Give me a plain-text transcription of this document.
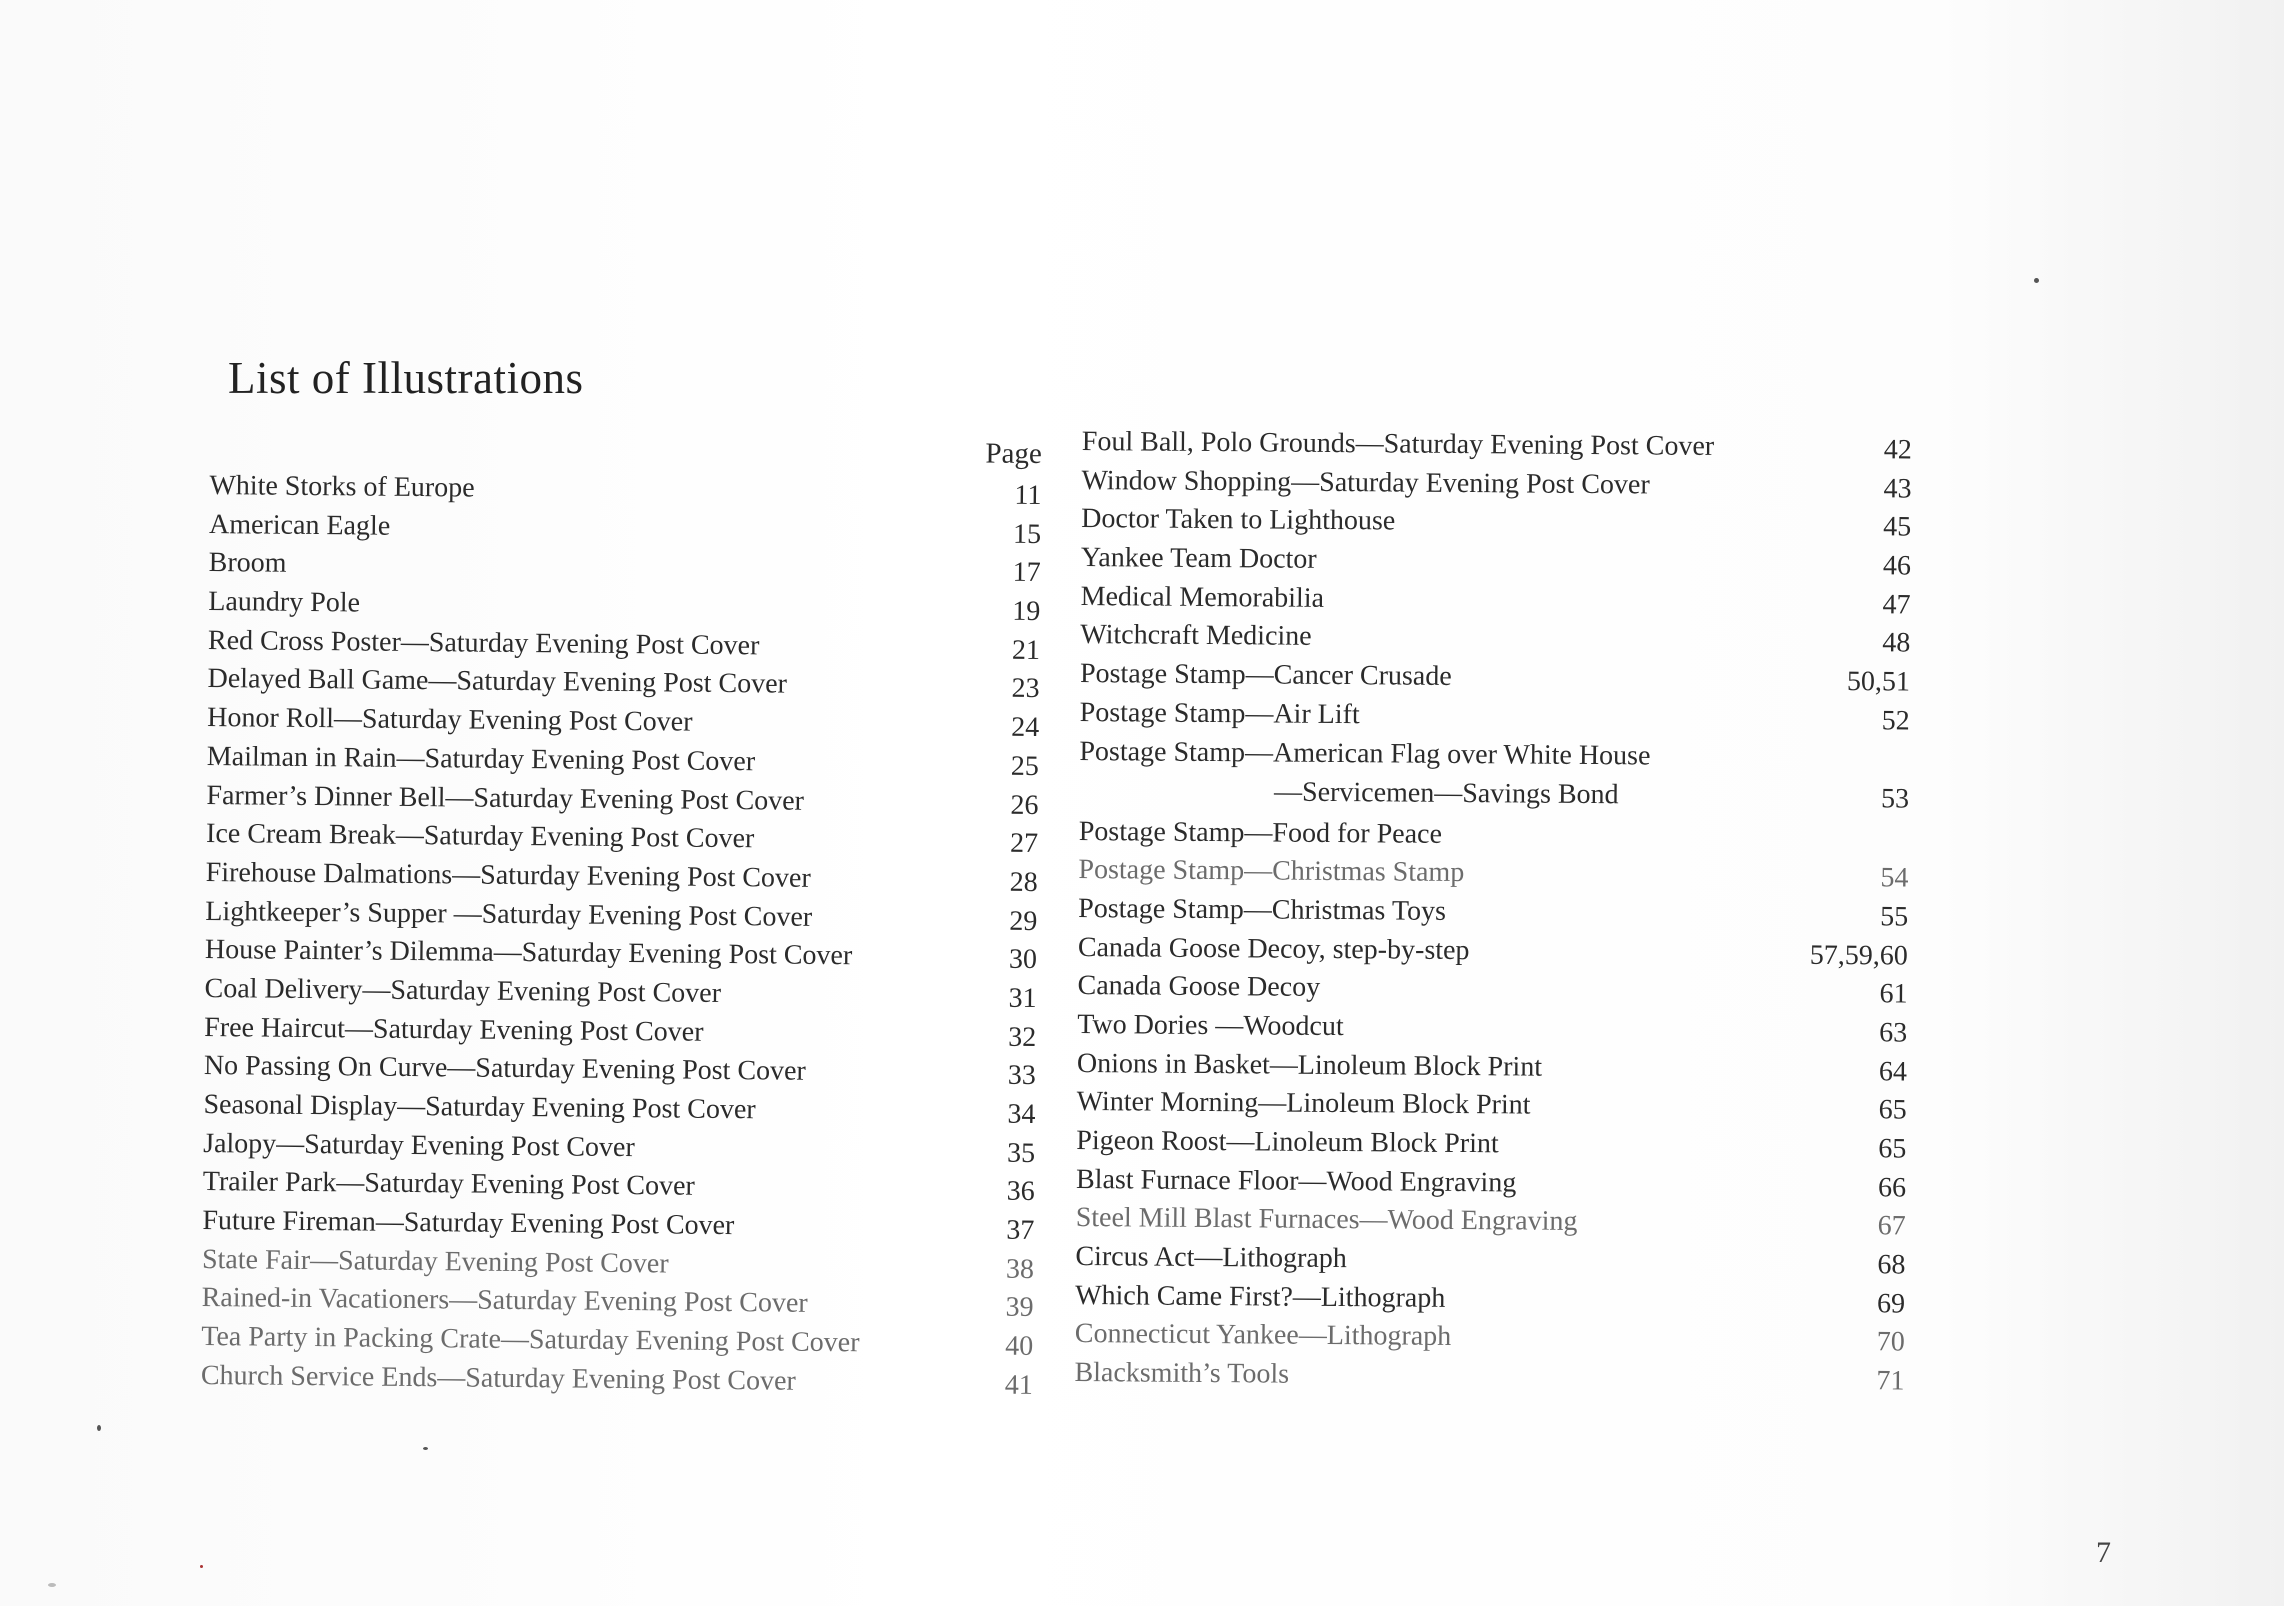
List of Illustrations
Page
White Storks of Europe	11
American Eagle	15
Broom	17
Laundry Pole	19
Red Cross Poster—Saturday Evening Post Cover	21
Delayed Ball Game—Saturday Evening Post Cover	23
Honor Roll—Saturday Evening Post Cover	24
Mailman in Rain—Saturday Evening Post Cover	25
Farmer’s Dinner Bell—Saturday Evening Post Cover	26
Ice Cream Break—Saturday Evening Post Cover	27
Firehouse Dalmations—Saturday Evening Post Cover	28
Lightkeeper’s Supper —Saturday Evening Post Cover	29
House Painter’s Dilemma—Saturday Evening Post Cover	30
Coal Delivery—Saturday Evening Post Cover	31
Free Haircut—Saturday Evening Post Cover	32
No Passing On Curve—Saturday Evening Post Cover	33
Seasonal Display—Saturday Evening Post Cover	34
Jalopy—Saturday Evening Post Cover	35
Trailer Park—Saturday Evening Post Cover	36
Future Fireman—Saturday Evening Post Cover	37
State Fair—Saturday Evening Post Cover	38
Rained-in Vacationers—Saturday Evening Post Cover	39
Tea Party in Packing Crate—Saturday Evening Post Cover	40
Church Service Ends—Saturday Evening Post Cover	41
Foul Ball, Polo Grounds—Saturday Evening Post Cover	42
Window Shopping—Saturday Evening Post Cover	43
Doctor Taken to Lighthouse	45
Yankee Team Doctor	46
Medical Memorabilia	47
Witchcraft Medicine	48
Postage Stamp—Cancer Crusade	50,51
Postage Stamp—Air Lift	52
Postage Stamp—American Flag over White House
—Servicemen—Savings Bond	53
Postage Stamp—Food for Peace
Postage Stamp—Christmas Stamp	54
Postage Stamp—Christmas Toys	55
Canada Goose Decoy, step-by-step	57,59,60
Canada Goose Decoy	61
Two Dories —Woodcut	63
Onions in Basket—Linoleum Block Print	64
Winter Morning—Linoleum Block Print	65
Pigeon Roost—Linoleum Block Print	65
Blast Furnace Floor—Wood Engraving	66
Steel Mill Blast Furnaces—Wood Engraving	67
Circus Act—Lithograph	68
Which Came First?—Lithograph	69
Connecticut Yankee—Lithograph	70
Blacksmith’s Tools	71
7
